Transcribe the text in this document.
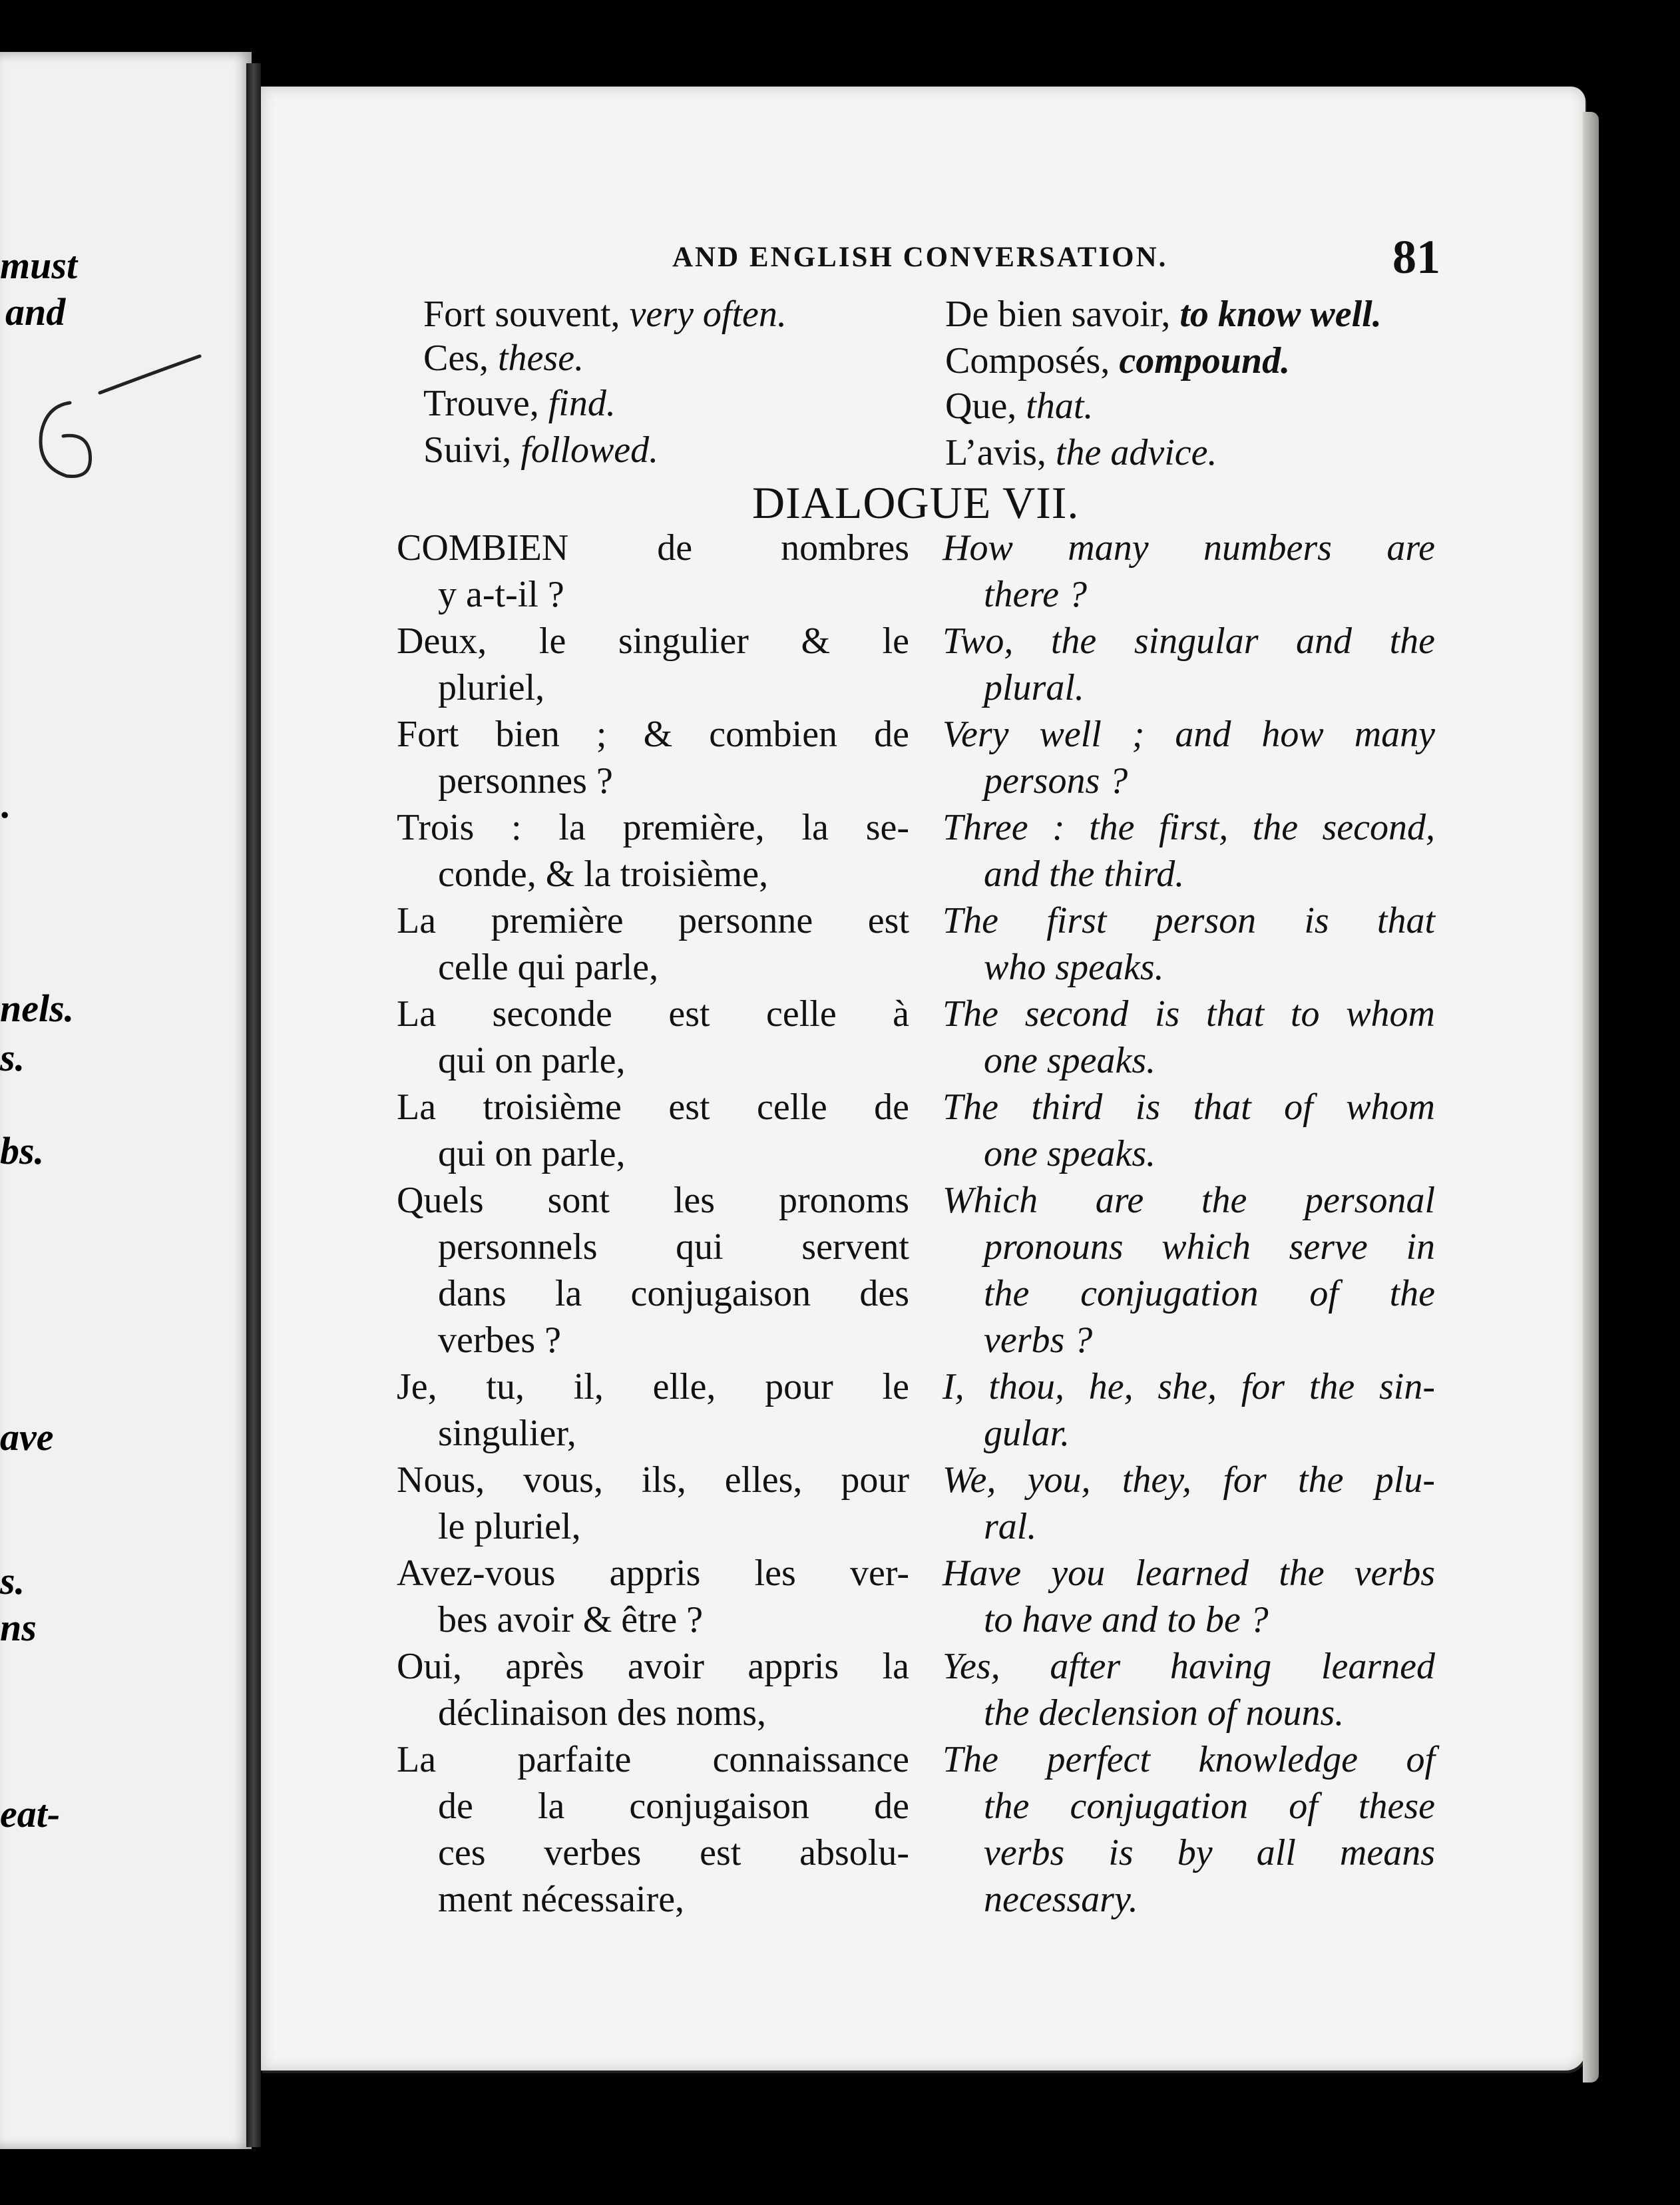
must
and
.
nels.
s.
bs.
ave
s.
ns
eat-
AND ENGLISH CONVERSATION.	81
Fort souvent, very often.
Ces, these.
Trouve, find.
Suivi, followed.
De bien savoir, to know well.
Composés, compound.
Que, that.
L’avis, the advice.
DIALOGUE VII.
COMBIEN de nombres
y a-t-il ?
How many numbers are
there ?
Deux, le singulier & le
pluriel,
Two, the singular and the
plural.
Fort bien ; & combien de
personnes ?
Very well ; and how many
persons ?
Trois : la première, la se-
conde, & la troisième,
Three : the first, the second,
and the third.
La première personne est
celle qui parle,
The first person is that
who speaks.
La seconde est celle à
qui on parle,
The second is that to whom
one speaks.
La troisième est celle de
qui on parle,
The third is that of whom
one speaks.
Quels sont les pronoms
personnels qui servent
dans la conjugaison des
verbes ?
Which are the personal
pronouns which serve in
the conjugation of the
verbs ?
Je, tu, il, elle, pour le
singulier,
I, thou, he, she, for the sin-
gular.
Nous, vous, ils, elles, pour
le pluriel,
We, you, they, for the plu-
ral.
Avez-vous appris les ver-
bes avoir & être ?
Have you learned the verbs
to have and to be ?
Oui, après avoir appris la
déclinaison des noms,
Yes, after having learned
the declension of nouns.
La parfaite connaissance
de la conjugaison de
ces verbes est absolu-
ment nécessaire,
The perfect knowledge of
the conjugation of these
verbs is by all means
necessary.
